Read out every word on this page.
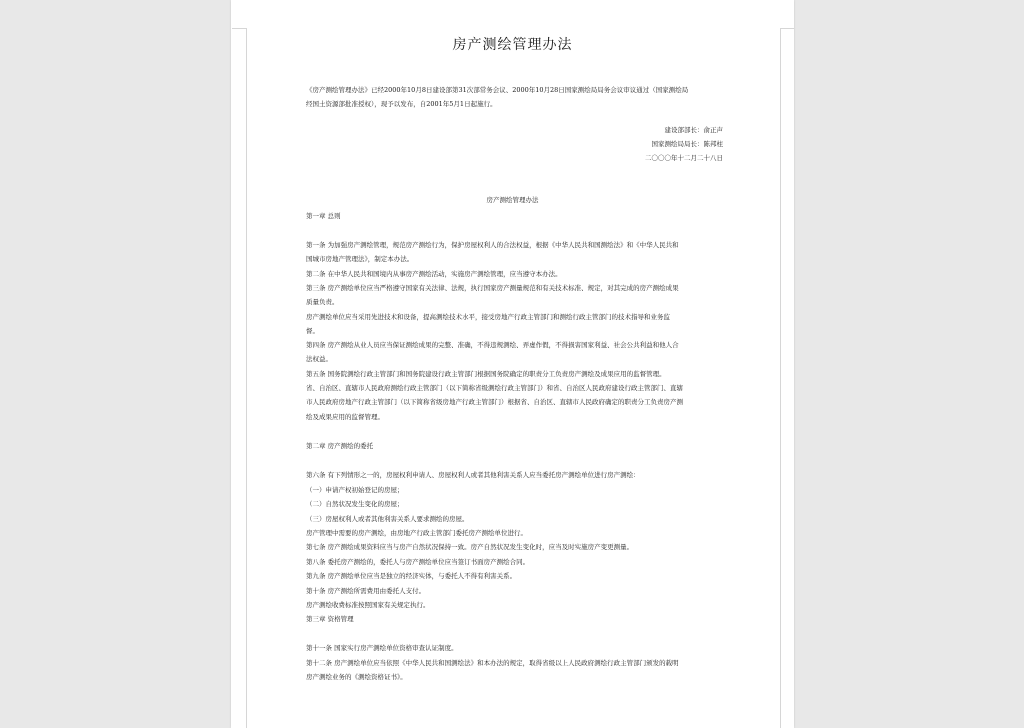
房产测绘管理办法
《房产测绘管理办法》已经2000年10月8日建设部第31次部常务会议、2000年10月28日国家测绘局局务会议审议通过（国家测绘局
经国土资源部批准授权），现予以发布，自2001年5月1日起施行。
建设部部长：俞正声
国家测绘局局长：陈邦柱
二〇〇〇年十二月二十八日
房产测绘管理办法
第一章 总则
第一条 为加强房产测绘管理，规范房产测绘行为，保护房屋权利人的合法权益，根据《中华人民共和国测绘法》和《中华人民共和
国城市房地产管理法》，制定本办法。
第二条 在中华人民共和国境内从事房产测绘活动，实施房产测绘管理，应当遵守本办法。
第三条 房产测绘单位应当严格遵守国家有关法律、法规，执行国家房产测量规范和有关技术标准、规定，对其完成的房产测绘成果
质量负责。
房产测绘单位应当采用先进技术和设备，提高测绘技术水平，接受房地产行政主管部门和测绘行政主管部门的技术指导和业务监
督。
第四条 房产测绘从业人员应当保证测绘成果的完整、准确，不得违规测绘、弄虚作假，不得损害国家利益、社会公共利益和他人合
法权益。
第五条 国务院测绘行政主管部门和国务院建设行政主管部门根据国务院确定的职责分工负责房产测绘及成果应用的监督管理。
省、自治区、直辖市人民政府测绘行政主管部门（以下简称省级测绘行政主管部门）和省、自治区人民政府建设行政主管部门、直辖
市人民政府房地产行政主管部门（以下简称省级房地产行政主管部门）根据省、自治区、直辖市人民政府确定的职责分工负责房产测
绘及成果应用的监督管理。
第二章 房产测绘的委托
第六条 有下列情形之一的，房屋权利申请人、房屋权利人或者其他利害关系人应当委托房产测绘单位进行房产测绘：
（一）申请产权初始登记的房屋；
（二）自然状况发生变化的房屋；
（三）房屋权利人或者其他利害关系人要求测绘的房屋。
房产管理中需要的房产测绘，由房地产行政主管部门委托房产测绘单位进行。
第七条 房产测绘成果资料应当与房产自然状况保持一致。房产自然状况发生变化时，应当及时实施房产变更测量。
第八条 委托房产测绘的，委托人与房产测绘单位应当签订书面房产测绘合同。
第九条 房产测绘单位应当是独立的经济实体，与委托人不得有利害关系。
第十条 房产测绘所需费用由委托人支付。
房产测绘收费标准按照国家有关规定执行。
第三章 资格管理
第十一条 国家实行房产测绘单位资格审查认证制度。
第十二条 房产测绘单位应当依照《中华人民共和国测绘法》和本办法的规定，取得省级以上人民政府测绘行政主管部门颁发的载明
房产测绘业务的《测绘资格证书》。
